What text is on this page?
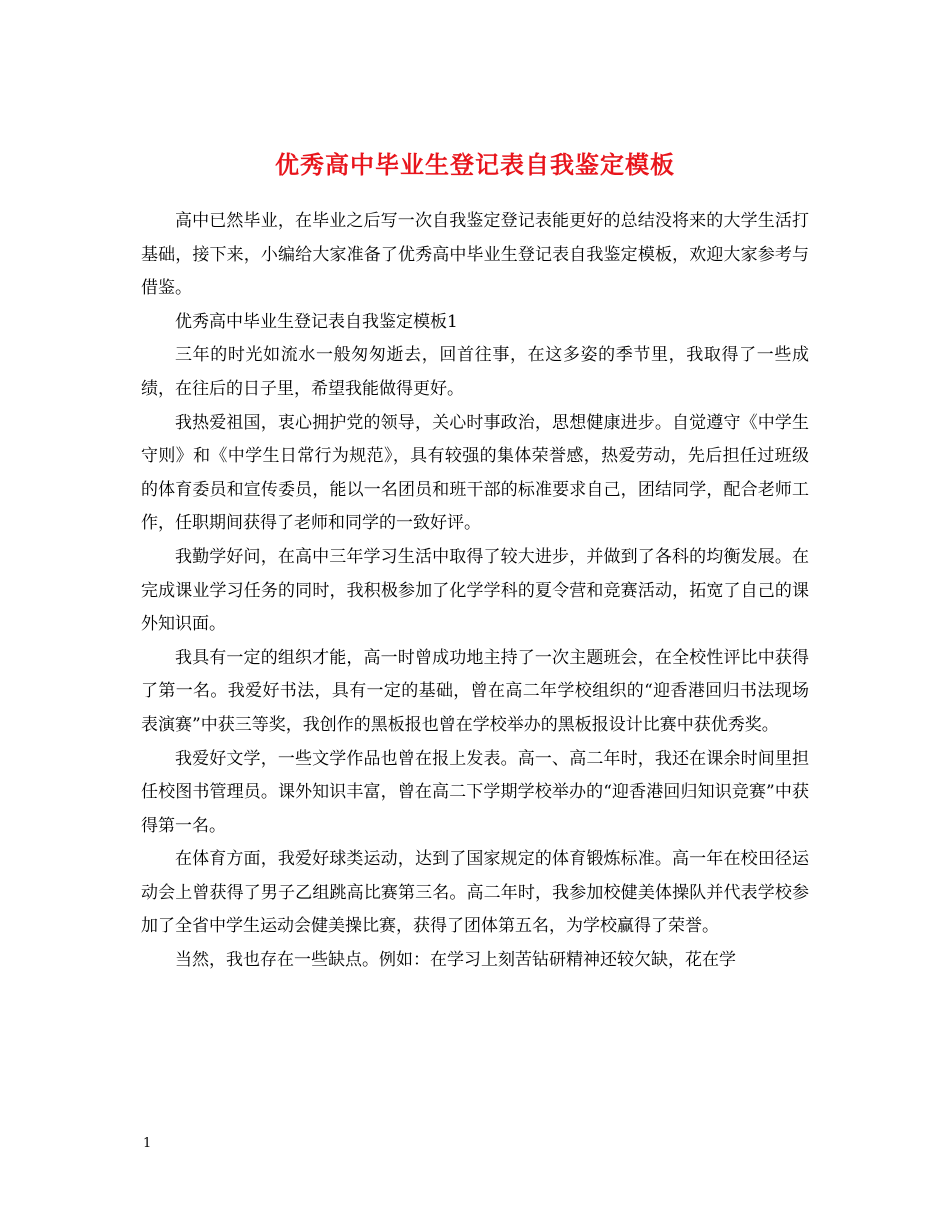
优秀高中毕业生登记表自我鉴定模板

高中已然毕业，在毕业之后写一次自我鉴定登记表能更好的总结没将来的大学生活打基础，接下来，小编给大家准备了优秀高中毕业生登记表自我鉴定模板，欢迎大家参考与借鉴。

优秀高中毕业生登记表自我鉴定模板1

三年的时光如流水一般匆匆逝去，回首往事，在这多姿的季节里，我取得了一些成绩，在往后的日子里，希望我能做得更好。

我热爱祖国，衷心拥护党的领导，关心时事政治，思想健康进步。自觉遵守《中学生守则》和《中学生日常行为规范》，具有较强的集体荣誉感，热爱劳动，先后担任过班级的体育委员和宣传委员，能以一名团员和班干部的标准要求自己，团结同学，配合老师工作，任职期间获得了老师和同学的一致好评。

我勤学好问，在高中三年学习生活中取得了较大进步，并做到了各科的均衡发展。在完成课业学习任务的同时，我积极参加了化学学科的夏令营和竞赛活动，拓宽了自己的课外知识面。

我具有一定的组织才能，高一时曾成功地主持了一次主题班会，在全校性评比中获得了第一名。我爱好书法，具有一定的基础，曾在高二年学校组织的“迎香港回归书法现场表演赛”中获三等奖，我创作的黑板报也曾在学校举办的黑板报设计比赛中获优秀奖。

我爱好文学，一些文学作品也曾在报上发表。高一、高二年时，我还在课余时间里担任校图书管理员。课外知识丰富，曾在高二下学期学校举办的“迎香港回归知识竞赛”中获得第一名。

在体育方面，我爱好球类运动，达到了国家规定的体育锻炼标准。高一年在校田径运动会上曾获得了男子乙组跳高比赛第三名。高二年时，我参加校健美体操队并代表学校参加了全省中学生运动会健美操比赛，获得了团体第五名，为学校赢得了荣誉。

当然，我也存在一些缺点。例如：在学习上刻苦钻研精神还较欠缺，花在学

1
